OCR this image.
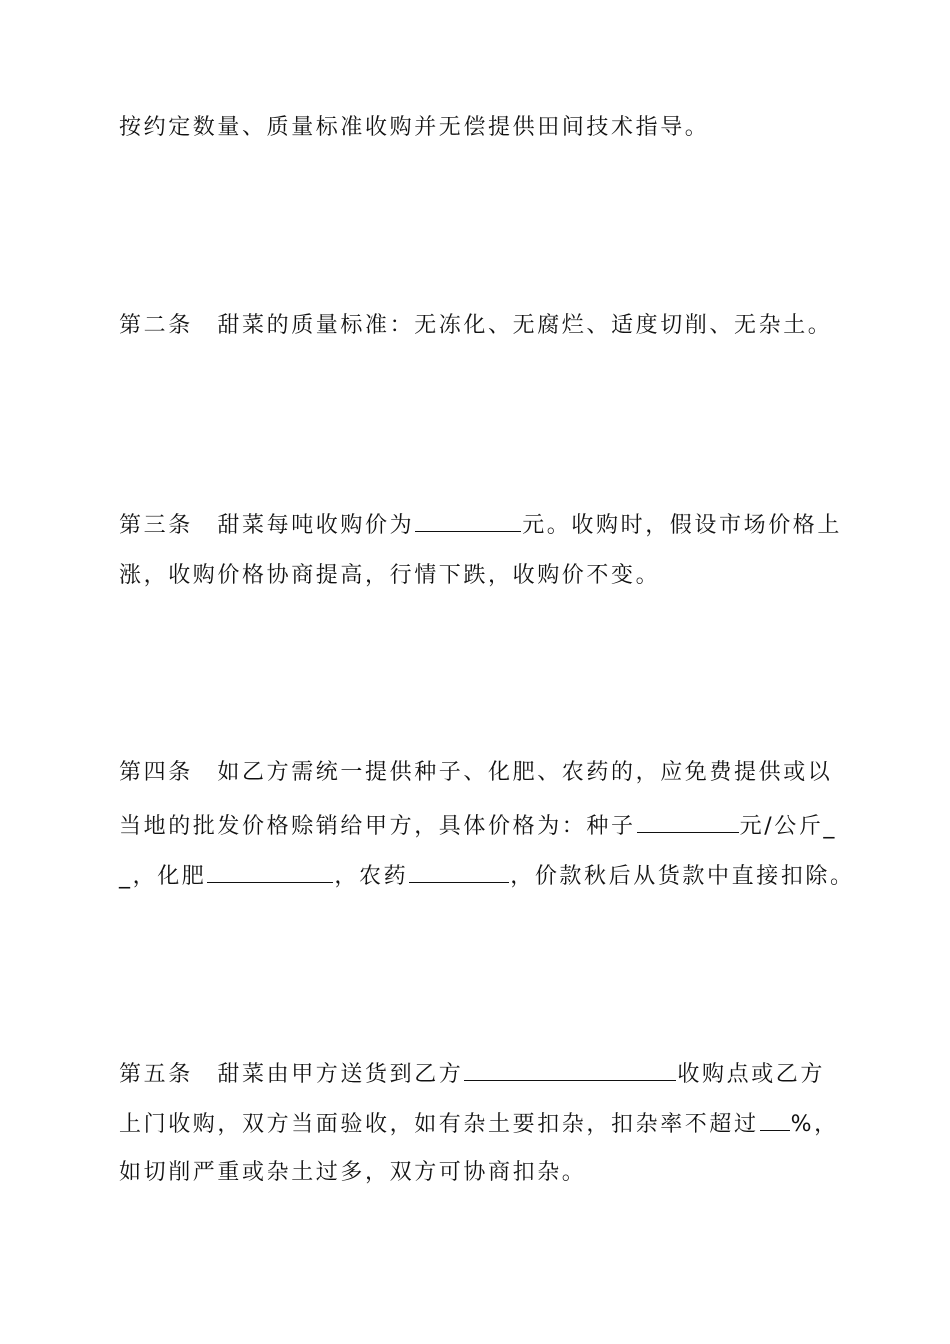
按约定数量、质量标准收购并无偿提供田间技术指导。
第二条　甜菜的质量标准：无冻化、无腐烂、适度切削、无杂土。
第三条　甜菜每吨收购价为	元。收购时，假设市场价格上
涨，收购价格协商提高，行情下跌，收购价不变。
第四条　如乙方需统一提供种子、化肥、农药的，应免费提供或以
当地的批发价格赊销给甲方，具体价格为：种子	元/公斤_
_，化肥	，农药	，价款秋后从货款中直接扣除。
第五条　甜菜由甲方送货到乙方	收购点或乙方
上门收购，双方当面验收，如有杂土要扣杂，扣杂率不超过 %，
如切削严重或杂土过多，双方可协商扣杂。
